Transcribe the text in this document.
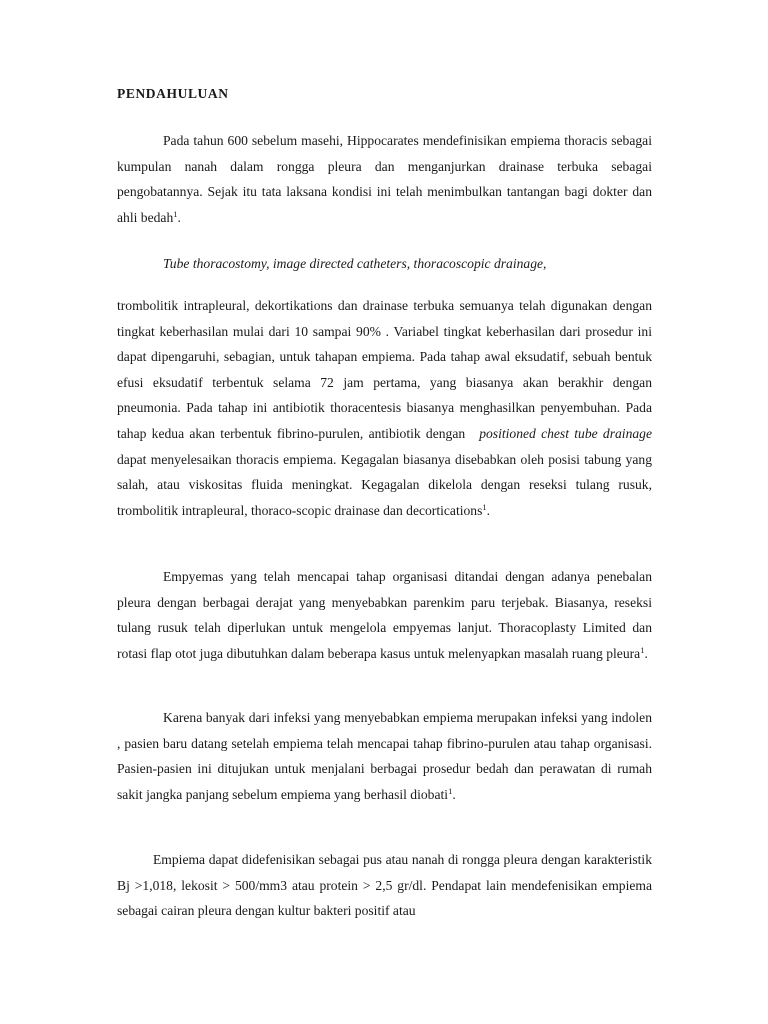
PENDAHULUAN

Pada tahun 600 sebelum masehi, Hippocarates mendefinisikan empiema thoracis sebagai kumpulan nanah dalam rongga pleura dan menganjurkan drainase terbuka sebagai pengobatannya. Sejak itu tata laksana kondisi ini telah menimbulkan tantangan bagi dokter dan ahli bedah$^1$.

Tube thoracostomy, image directed catheters, thoracoscopic drainage,

trombolitik intrapleural, dekortikations dan drainase terbuka semuanya telah digunakan dengan tingkat keberhasilan mulai dari 10 sampai 90% . Variabel tingkat keberhasilan dari prosedur ini dapat dipengaruhi, sebagian, untuk tahapan empiema. Pada tahap awal eksudatif, sebuah bentuk efusi eksudatif terbentuk selama 72 jam pertama, yang biasanya akan berakhir dengan pneumonia. Pada tahap ini antibiotik thoracentesis biasanya menghasilkan penyembuhan. Pada tahap kedua akan terbentuk fibrino-purulen, antibiotik dengan positioned chest tube drainage dapat menyelesaikan thoracis empiema. Kegagalan biasanya disebabkan oleh posisi tabung yang salah, atau viskositas fluida meningkat. Kegagalan dikelola dengan reseksi tulang rusuk, trombolitik intrapleural, thoraco-scopic drainase dan decortications$^1$.

Empyemas yang telah mencapai tahap organisasi ditandai dengan adanya penebalan pleura dengan berbagai derajat yang menyebabkan parenkim paru terjebak. Biasanya, reseksi tulang rusuk telah diperlukan untuk mengelola empyemas lanjut. Thoracoplasty Limited dan rotasi flap otot juga dibutuhkan dalam beberapa kasus untuk melenyapkan masalah ruang pleura$^1$.

Karena banyak dari infeksi yang menyebabkan empiema merupakan infeksi yang indolen , pasien baru datang setelah empiema telah mencapai tahap fibrino-purulen atau tahap organisasi. Pasien-pasien ini ditujukan untuk menjalani berbagai prosedur bedah dan perawatan di rumah sakit jangka panjang sebelum empiema yang berhasil diobati$^1$.

Empiema dapat didefenisikan sebagai pus atau nanah di rongga pleura dengan karakteristik Bj >1,018, lekosit > 500/mm3 atau protein > 2,5 gr/dl. Pendapat lain mendefenisikan empiema sebagai cairan pleura dengan kultur bakteri positif atau
